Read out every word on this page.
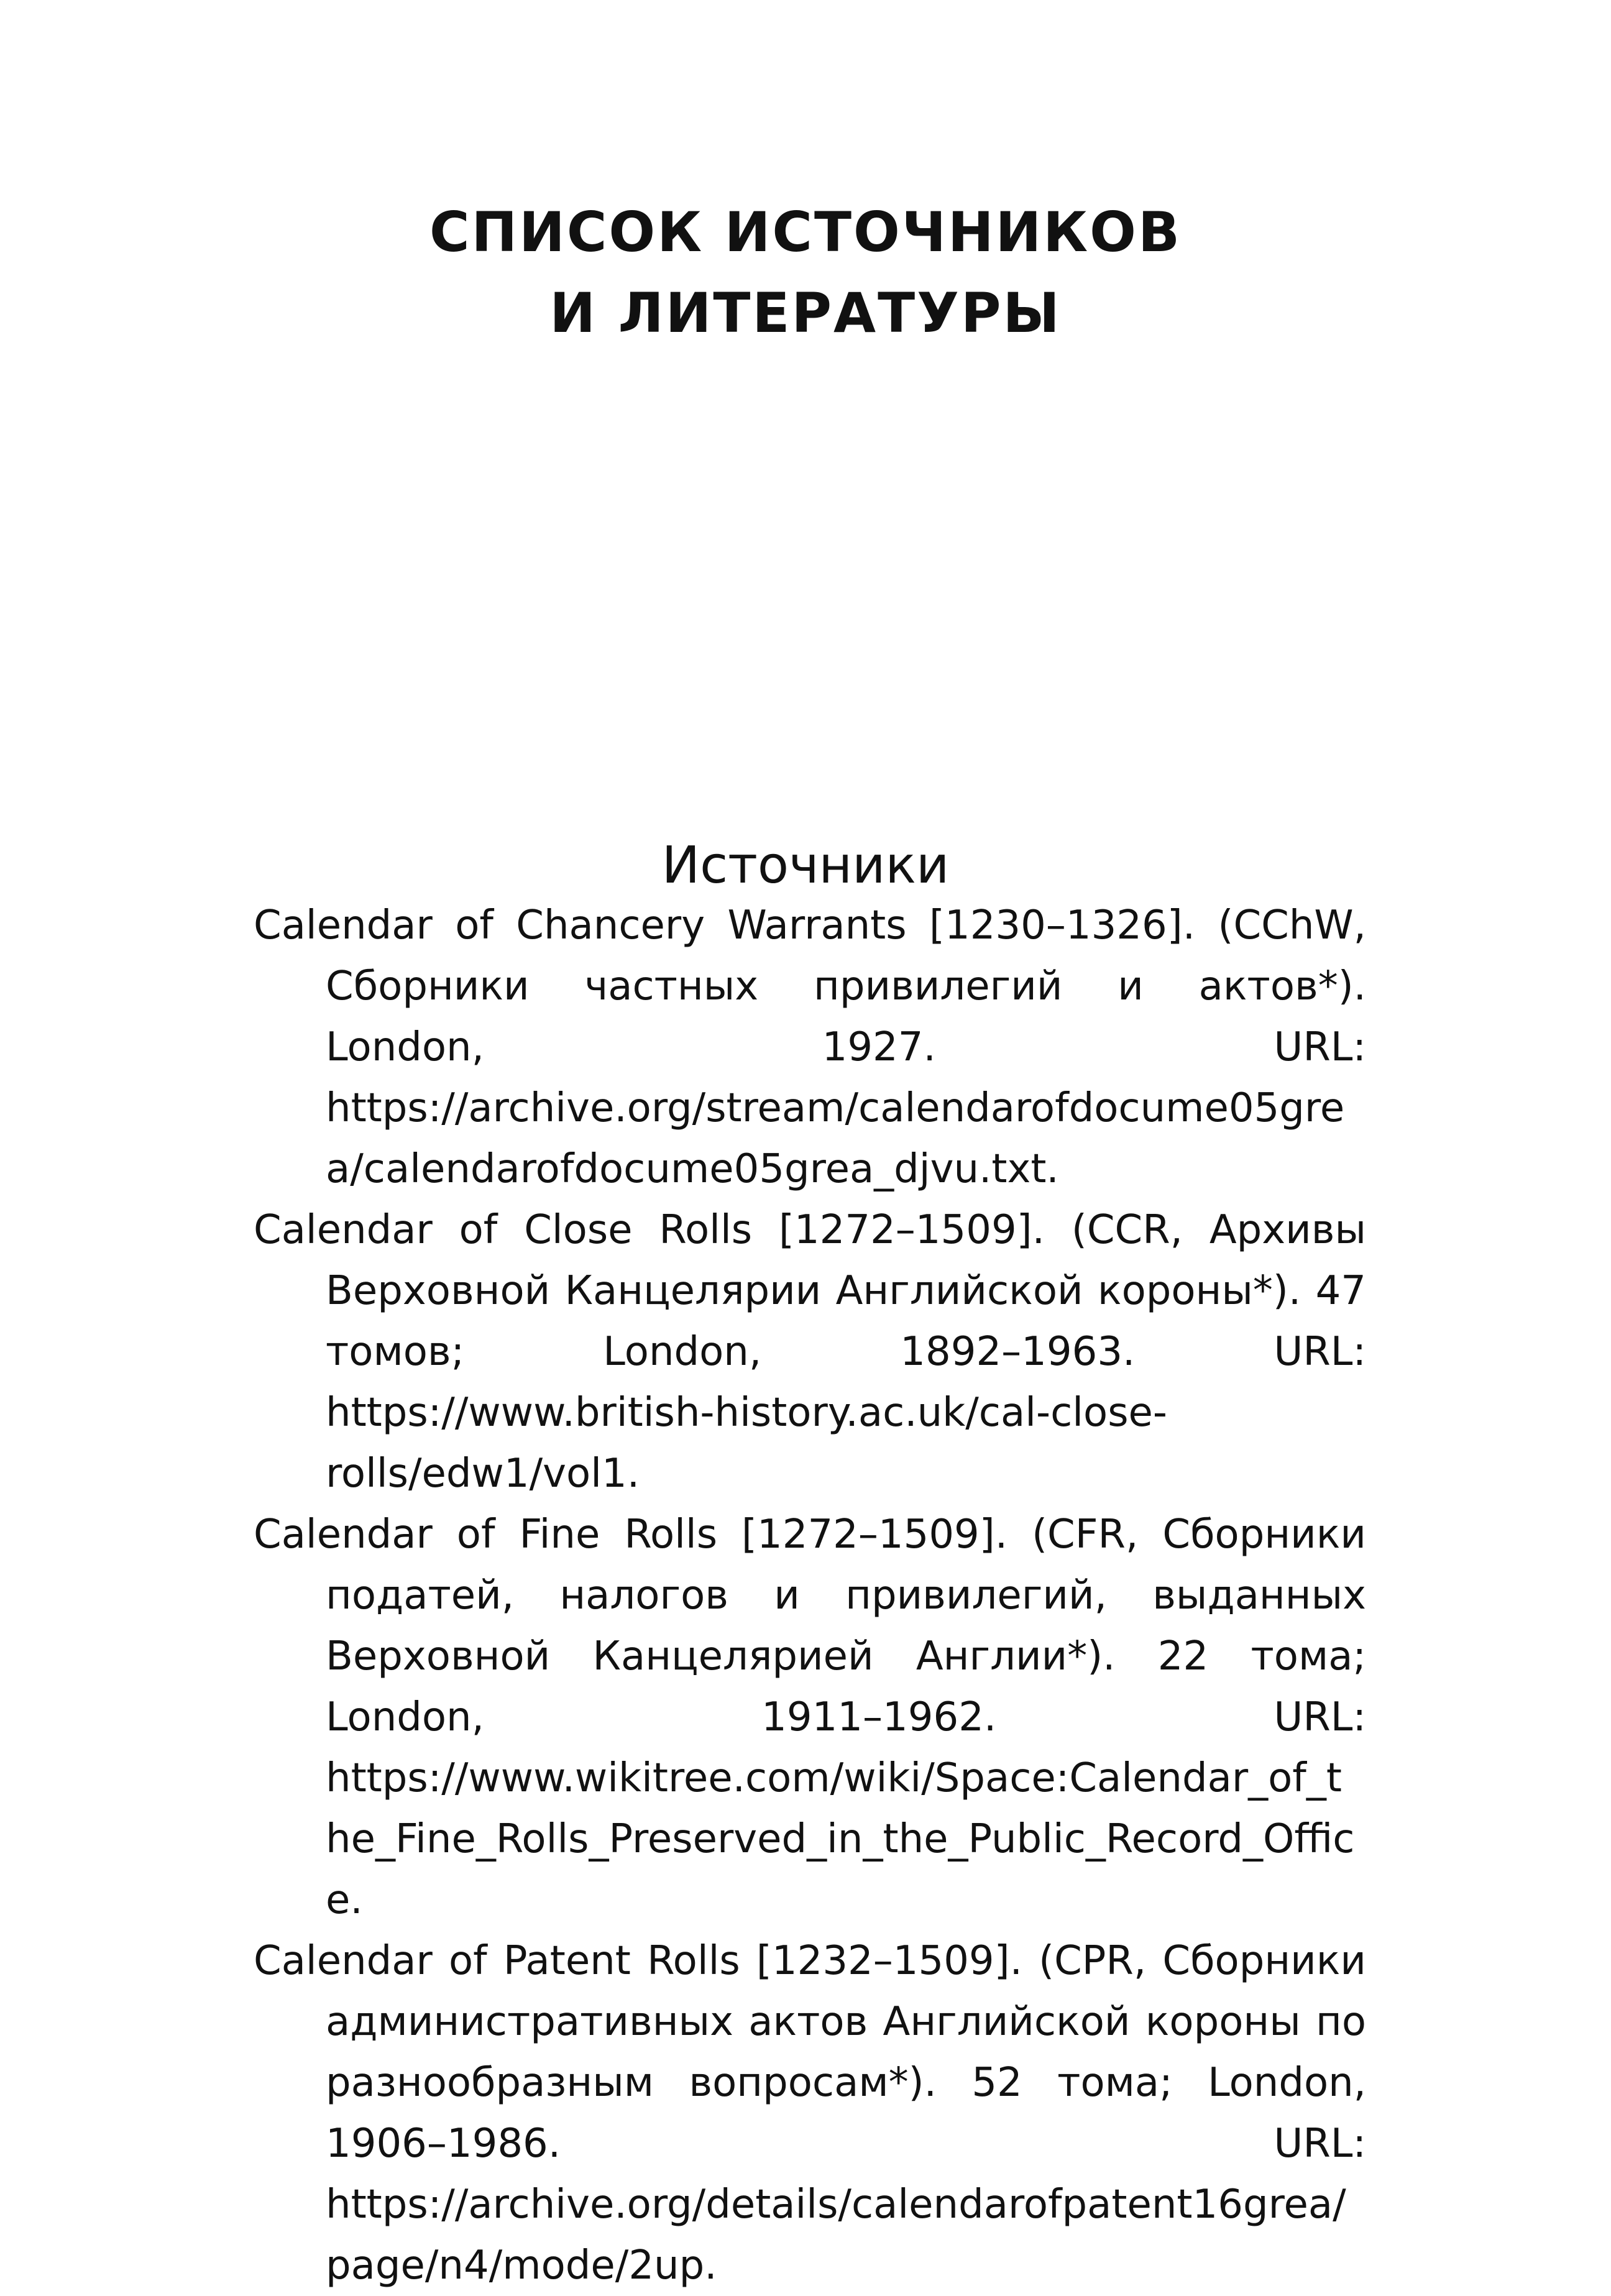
СПИСОК ИСТОЧНИКОВ
И ЛИТЕРАТУРЫ
Источники
Calendar of Chancery Warrants [1230–1326]. (CChW, Сборники частных привилегий и актов*). London, 1927. URL: https://archive.org/stream/calendarofdocume05grea/calendarofdocume05grea_djvu.txt.
Calendar of Close Rolls [1272–1509]. (CCR, Архивы Верховной Канцелярии Английской короны*). 47 томов; London, 1892–1963. URL: https://www.british-history.ac.uk/cal-close-rolls/edw1/vol1.
Calendar of Fine Rolls [1272–1509]. (CFR, Сборники податей, налогов и привилегий, выданных Верховной Канцелярией Англии*). 22 тома; London, 1911–1962. URL: https://www.wikitree.com/wiki/Space:Calendar_of_the_Fine_Rolls_Preserved_in_the_Public_Record_Office.
Calendar of Patent Rolls [1232–1509]. (CPR, Сборники административных актов Английской короны по разнообразным вопросам*). 52 тома; London, 1906–1986. URL: https://archive.org/details/calendarofpatent16grea/page/n4/mode/2up.
